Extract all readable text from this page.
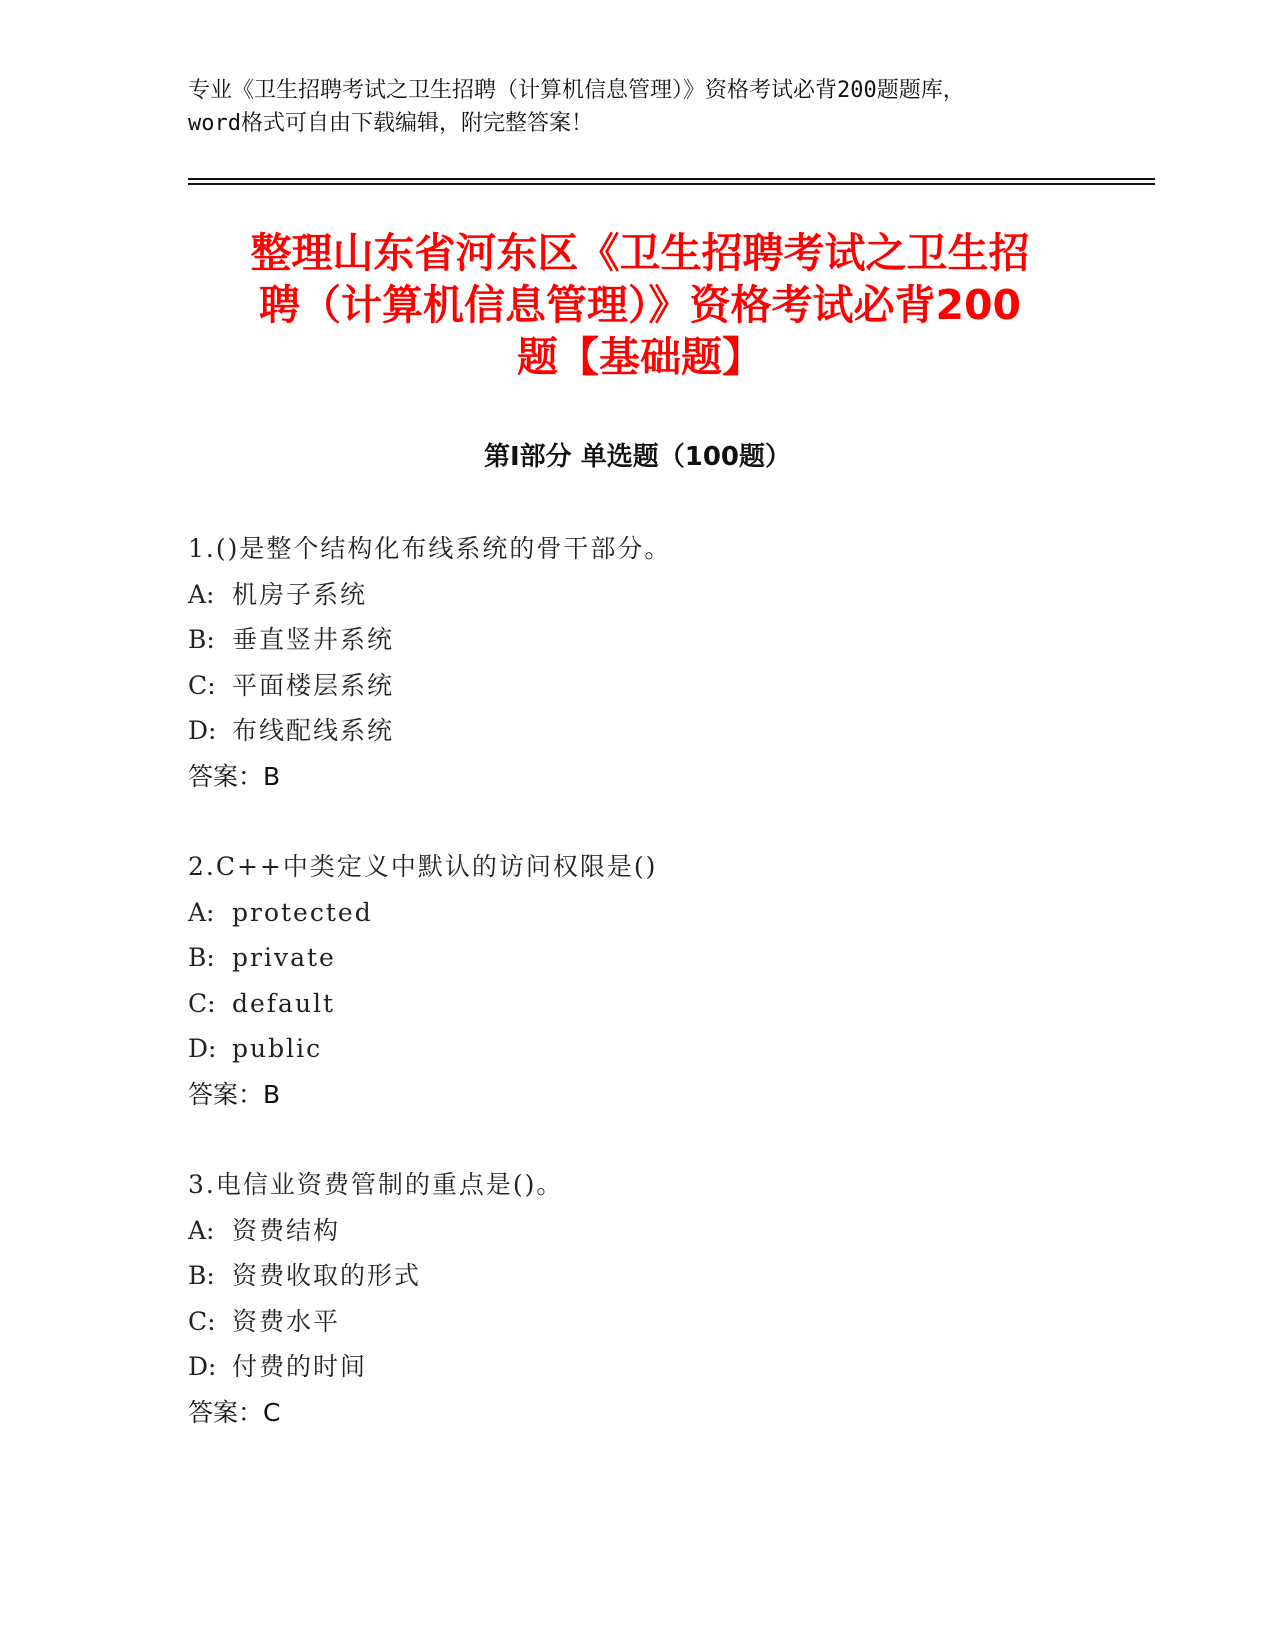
专业《卫生招聘考试之卫生招聘（计算机信息管理）》资格考试必背200题题库，
word格式可自由下载编辑，附完整答案！
整理山东省河东区《卫生招聘考试之卫生招
聘（计算机信息管理）》资格考试必背200
题【基础题】
第I部分 单选题（100题）
1.()是整个结构化布线系统的骨干部分。
A: 机房子系统
B: 垂直竖井系统
C: 平面楼层系统
D: 布线配线系统
答案：B
2.C++中类定义中默认的访问权限是()
A: protected
B: private
C: default
D: public
答案：B
3.电信业资费管制的重点是()。
A: 资费结构
B: 资费收取的形式
C: 资费水平
D: 付费的时间
答案：C
